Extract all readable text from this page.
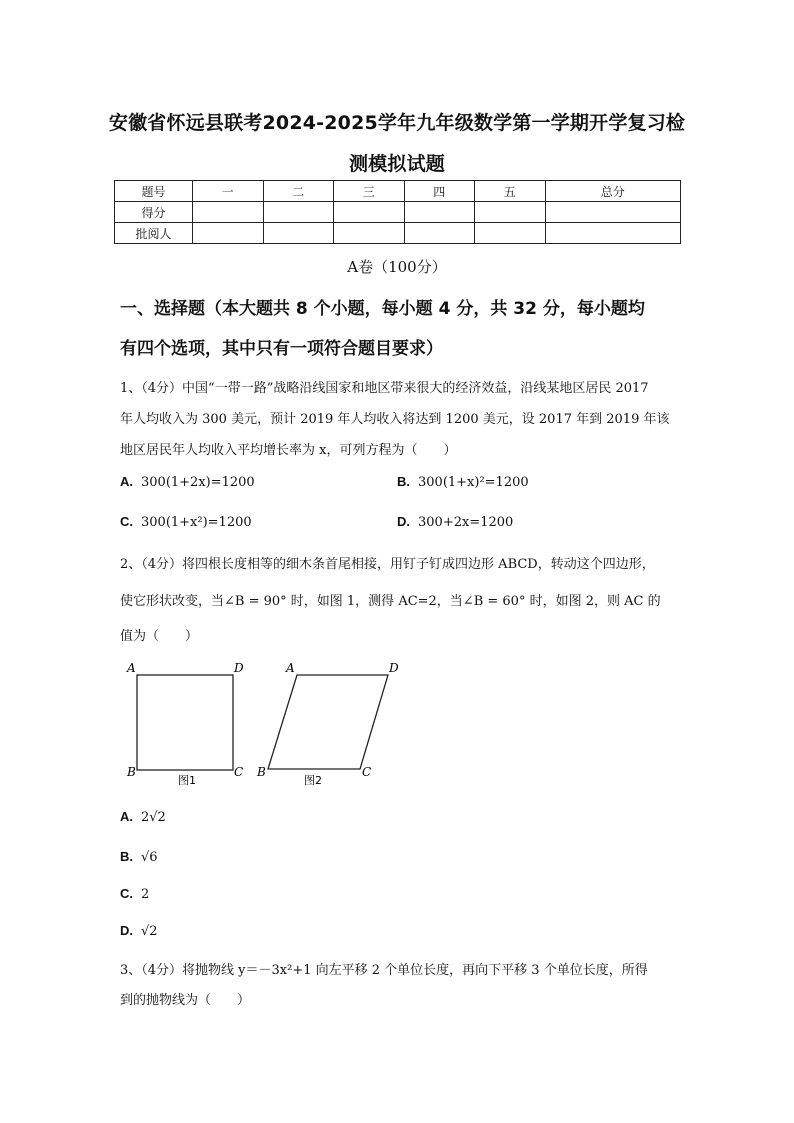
安徽省怀远县联考2024-2025学年九年级数学第一学期开学复习检
测模拟试题
题号	一	二	三	四	五	总分
得分						
批阅人						
A卷（100分）
一、选择题（本大题共 8 个小题，每小题 4 分，共 32 分，每小题均
有四个选项，其中只有一项符合题目要求）
1、（4分）中国“一带一路”战略沿线国家和地区带来很大的经济效益，沿线某地区居民 2017
年人均收入为 300 美元，预计 2019 年人均收入将达到 1200 美元，设 2017 年到 2019 年该
地区居民年人均收入平均增长率为 x，可列方程为（　　）
A. 300(1+2x)=1200	B. 300(1+x)²=1200
C. 300(1+x²)=1200	D. 300+2x=1200
2、（4分）将四根长度相等的细木条首尾相接，用钉子钉成四边形 ABCD，转动这个四边形，
使它形状改变，当∠B = 90° 时，如图 1，测得 AC=2，当∠B = 60° 时，如图 2，则 AC 的
值为（　　）
A	D
B	C
图1
A	D
B	C
图2
A. 2√2
B. √6
C. 2
D. √2
3、（4分）将抛物线 y＝－3x²+1 向左平移 2 个单位长度，再向下平移 3 个单位长度，所得
到的抛物线为（　　）
